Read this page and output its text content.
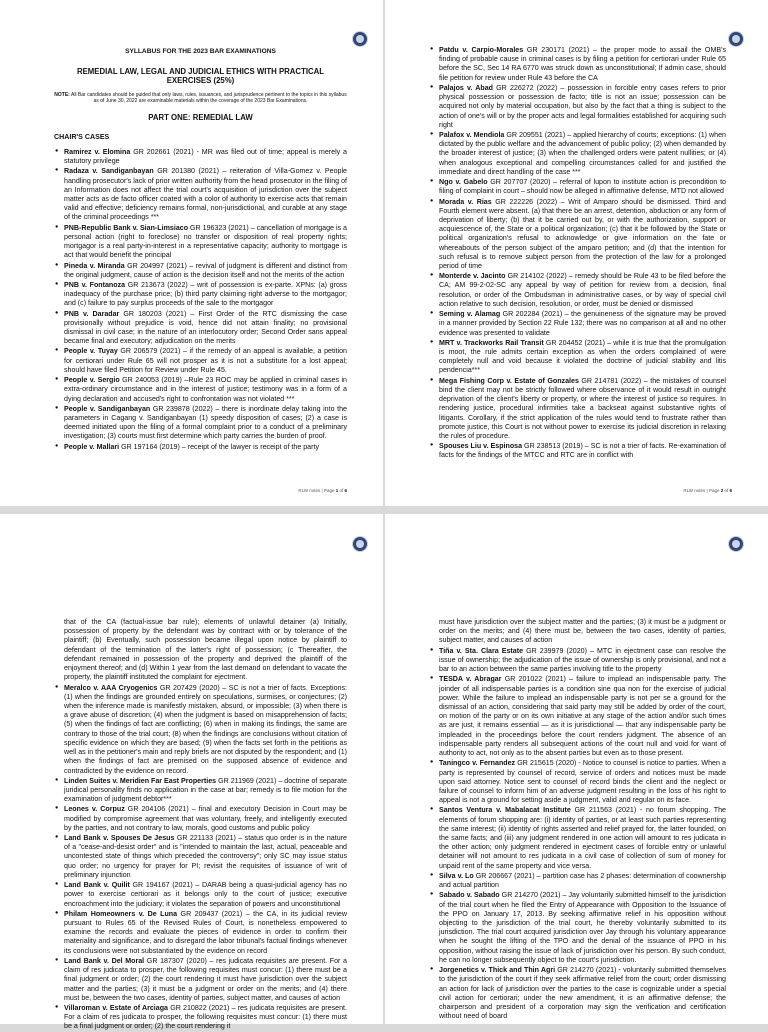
SYLLABUS FOR THE 2023 BAR EXAMINATIONS
REMEDIAL LAW, LEGAL AND JUDICIAL ETHICS WITH PRACTICAL EXERCISES (25%)
NOTE: All Bar candidates should be guided that only laws, rules, issuances, and jurisprudence pertinent to the topics in this syllabus as of June 30, 2022 are examinable materials within the coverage of the 2023 Bar Examinations.
PART ONE: REMEDIAL LAW
CHAIR'S CASES
● Ramirez v. Elomina GR 202661 (2021) - MR was filed out of time; appeal is merely a statutory privilege
● Radaza v. Sandiganbayan GR 201380 (2021) – reiteration of Villa-Gomez v. People handling prosecutor's lack of prior written authority from the head prosecutor in the filing of an Information does not affect the trial court's acquisition of jurisdiction over the subject matter acts as de facto officer coated with a color of authority to exercise acts that remain valid and effective; deficiency remains formal, non-jurisdictional, and curable at any stage of the criminal proceedings ***
● PNB-Republic Bank v. Sian-Limsiaco GR 196323 (2021) – cancellation of mortgage is a personal action (right to foreclose) no transfer or disposition of real property rights; mortgagor is a real party-in-interest in a representative capacity; authority to mortgage is act that would benefit the principal
● Pineda v. Miranda GR 204997 (2021) – revival of judgment is different and distinct from the original judgment, cause of action is the decision itself and not the merits of the action
● PNB v. Fontanoza GR 213673 (2022) – writ of possession is ex-parte. XPNs: (a) gross inadequacy of the purchase price; (b) third party claiming right adverse to the mortgagor; and (c) failure to pay surplus proceeds of the sale to the mortgagor
● PNB v. Daradar GR 180203 (2021) – First Order of the RTC dismissing the case provisionally without prejudice is void, hence did not attain finality; no provisional dismissal in civil case; in the nature of an interlocutory order; Second Order sans appeal became final and executory; adjudication on the merits
● People v. Tuyay GR 206579 (2021) – if the remedy of an appeal is available, a petition for certiorari under Rule 65 will not prosper as it is not a substitute for a lost appeal; should have filed Petition for Review under Rule 45.
● People v. Sergio GR 240053 (2019) –Rule 23 ROC may be applied in criminal cases in extra-ordinary circumstance and in the interest of justice; testimony was in a form of a dying declaration and accused's right to confrontation was not violated ***
● People v. Sandiganbayan GR 239878 (2022) – there is inordinate delay taking into the parameters in Cagang v. Sandiganbayan (1) speedy disposition of cases; (2) a case is deemed initiated upon the filing of a formal complaint prior to a conduct of a preliminary investigation; (3) courts must first determine which party carries the burden of proof.
● People v. Mallari GR 197164 (2019) – receipt of the lawyer is receipt of the party
RLW notes | Page 1 of 6
● Patdu v. Carpio-Morales GR 230171 (2021) – the proper mode to assail the OMB's finding of probable cause in criminal cases is by filing a petition for certiorari under Rule 65 before the SC, Sec 14 RA 6770 was struck down as unconstitutional; If admin case, should file petition for review under Rule 43 before the CA
● Palajos v. Abad GR 226272 (2022) – possession in forcible entry cases refers to prior physical possession or possession de facto; title is not an issue; possession can be acquired not only by material occupation, but also by the fact that a thing is subject to the action of one's will or by the proper acts and legal formalities established for acquiring such right
● Palafox v. Mendiola GR 209551 (2021) – applied hierarchy of courts; exceptions: (1) when dictated by the public welfare and the advancement of public policy; (2) when demanded by the broader interest of justice; (3) when the challenged orders were patent nullities; or (4) when analogous exceptional and compelling circumstances called for and justified the immediate and direct handling of the case ***
● Ngo v. Gabelo GR 207707 (2020) – referral of lupon to institute action is precondition to filing of complaint in court – should now be alleged in affirmative defense, MTD not allowed
● Morada v. Rias GR 222226 (2022) – Writ of Amparo should be dismissed. Third and Fourth element were absent. (a) that there be an arrest, detention, abduction or any form of deprivation of liberty; (b) that it be carried out by, or with the authorization, support or acquiescence of, the State or a political organization; (c) that it be followed by the State or political organization's refusal to acknowledge or give information on the fate or whereabouts of the person subject of the amparo petition; and (d) that the intention for such refusal is to remove subject person from the protection of the law for a prolonged period of time
● Monterde v. Jacinto GR 214102 (2022) – remedy should be Rule 43 to be filed before the CA; AM 99-2-02-SC any appeal by way of petition for review from a decision, final resolution, or order of the Ombudsman in administrative cases, or by way of special civil action relative to such decision, resolution, or order, must be denied or dismissed
● Seming v. Alamag GR 202284 (2021) – the genuineness of the signature may be proved in a manner provided by Section 22 Rule 132; there was no comparison at all and no other evidence was presented to validate
● MRT v. Trackworks Rail Transit GR 204452 (2021) – while it is true that the promulgation is moot, the rule admits certain exception as when the orders complained of were completely null and void because it violated the doctrine of judicial stability and litis pendencia***
● Mega Fishing Corp v. Estate of Gonzales GR 214781 (2022) – the mistakes of counsel bind the client may not be strictly followed where observance of it would result in outright deprivation of the client's liberty or property, or where the interest of justice so requires. In rendering justice, procedural infirmities take a backseat against substantive rights of litigants. Corollary, if the strict application of the rules would tend to frustrate rather than promote justice, this Court is not without power to exercise its judicial discretion in relaxing the rules of procedure.
● Spouses Liu v. Espinosa GR 238513 (2019) – SC is not a trier of facts. Re-examination of facts for the findings of the MTCC and RTC are in conflict with
RLW notes | Page 2 of 6
that of the CA (factual-issue bar rule); elements of unlawful detainer (a) Initially, possession of property by the defendant was by contract with or by tolerance of the plaintiff; (b) Eventually, such possession became illegal upon notice by plaintiff to defendant of the termination of the latter's right of possession; (c Thereafter, the defendant remained in possession of the property and deprived the plaintiff of the enjoyment thereof; and (d) Within 1 year from the last demand on defendant to vacate the property, the plaintiff instituted the complaint for ejectment.
● Meralco v. AAA Cryogenics GR 207429 (2020) – SC is not a trier of facts. Exceptions: (1) when the findings are grounded entirely on speculations, surmises, or conjectures; (2) when the inference made is manifestly mistaken, absurd, or impossible; (3) when there is a grave abuse of discretion; (4) when the judgment is based on misapprehension of facts; (5) when the findings of fact are conflicting; (6) when in making its findings, the same are contrary to those of the trial court; (8) when the findings are conclusions without citation of specific evidence on which they are based; (9) when the facts set forth in the petitions as well as in the petitioner's main and reply briefs are not disputed by the respondent; and (1) when the findings of fact are premised on the supposed absence of evidence and contradicted by the evidence on record.
● Linden Suites v. Meridien Far East Properties GR 211969 (2021) – doctrine of separate juridical personality finds no application in the case at bar; remedy is to file motion for the examination of judgment debtor***
● Leones v. Corpuz GR 204106 (2021) – final and executory Decision in Court may be modified by compromise agreement that was voluntary, freely, and intelligently executed by the parties, and not contrary to law, morals, good customs and public policy
● Land Bank v. Spouses De Jesus GR 221133 (2021) – status quo order is in the nature of a "cease-and-desist order" and is "intended to maintain the last, actual, peaceable and uncontested state of things which preceded the controversy"; only SC may issue status quo order; no urgency for prayer for PI; revisit the requisites of issuance of writ of preliminary injunction
● Land Bank v. Quilit GR 194167 (2021) – DARAB being a quasi-judicial agency has no power to exercise certiorari as it belongs only to the court of justice; executive encroachment into the judiciary; it violates the separation of powers and unconstitutional
● Philam Homeowners v. De Luna GR 209437 (2021) – the CA, in its judicial review pursuant to Rules 65 of the Revised Rules of Court, is nonetheless empowered to examine the records and evaluate the pieces of evidence in order to confirm their materiality and significance, and to disregard the labor tribunal's factual findings whenever its conclusions were not substantiated by the evidence on record
● Land Bank v. Del Moral GR 187307 (2020) – res judicata requisites are present. For a claim of res judicata to prosper, the following requisites must concur: (1) there must be a final judgment or order; (2) the court rendering it must have jurisdiction over the subject matter and the parties; (3) it must be a judgment or order on the merits; and (4) there must be, between the two cases, identity of parties, subject matter, and causes of action
● Villaroman v. Estate of Arciaga GR 210822 (2021) – res judicata requisites are present. For a claim of res judicata to prosper, the following requisites must concur: (1) there must be a final judgment or order; (2) the court rendering it
must have jurisdiction over the subject matter and the parties; (3) it must be a judgment or order on the merits; and (4) there must be, between the two cases, identity of parties, subject matter, and causes of action
● Tiña v. Sta. Clara Estate GR 239979 (2020) – MTC in ejectment case can resolve the issue of ownership; the adjudication of the issue of ownership is only provisional, and not a bar to an action between the same parties involving title to the property
● TESDA v. Abragar GR 201022 (2021) – failure to implead an indispensable party. The joinder of all indispensable parties is a condition sine qua non for the exercise of judicial power. While the failure to implead an indispensable party is not per se a ground for the dismissal of an action, considering that said party may still be added by order of the court, on motion of the party or on its own initiative at any stage of the action and/or such times as are just, it remains essential — as it is jurisdictional — that any indispensable party be impleaded in the proceedings before the court renders judgment. The absence of an indispensable party renders all subsequent actions of the court null and void for want of authority to act, not only as to the absent parties but even as to those present.
● Taningco v. Fernandez GR 215615 (2020) - Notice to counsel is notice to parties. When a party is represented by counsel of record, service of orders and notices must be made upon said attorney. Notice sent to counsel of record binds the client and the neglect or failure of counsel to inform him of an adverse judgment resulting in the loss of his right to appeal is not a ground for setting aside a judgment, valid and regular on its face.
● Santos Ventura v. Mabalacat Institute GR 211563 (2021) - no forum shopping. The elements of forum shopping are: (i) identity of parties, or at least such parties representing the same interest; (ii) identity of rights asserted and relief prayed for, the latter founded, on the same facts; and (iii) any judgment rendered in one action will amount to res judicata in the other action; only judgment rendered in ejectment cases of forcible entry or unlawful detainer will not amount to res judicata in a civil case of collection of sum of money for unpaid rent of the same property and vice versa.
● Silva v. Lo GR 206667 (2021) – partition case has 2 phases: determination of coownership and actual partition
● Sabado v. Sabado GR 214270 (2021) – Jay voluntarily submitted himself to the jurisdiction of the trial court when he filed the Entry of Appearance with Opposition to the Issuance of the PPO on January 17, 2013. By seeking affirmative relief in his opposition without objecting to the jurisdiction of the trial court, he thereby voluntarily submitted to its jurisdiction. The trial court acquired jurisdiction over Jay through his voluntary appearance when he sought the lifting of the TPO and the denial of the issuance of PPO in his opposition, without raising the issue of lack of jurisdiction over his person. By such conduct, he can no longer subsequently object to the court's jurisdiction.
● Jorgenetics v. Thick and Thin Agri GR 214270 (2021) - voluntarily submitted themselves to the jurisdiction of the court if they seek affirmative relief from the court; order dismissing an action for lack of jurisdiction over the parties to the case is cognizable under a special civil action for certiorari; under the new amendment, it is an affirmative defense; the chairperson and president of a corporation may sign the verification and certification without need of board
